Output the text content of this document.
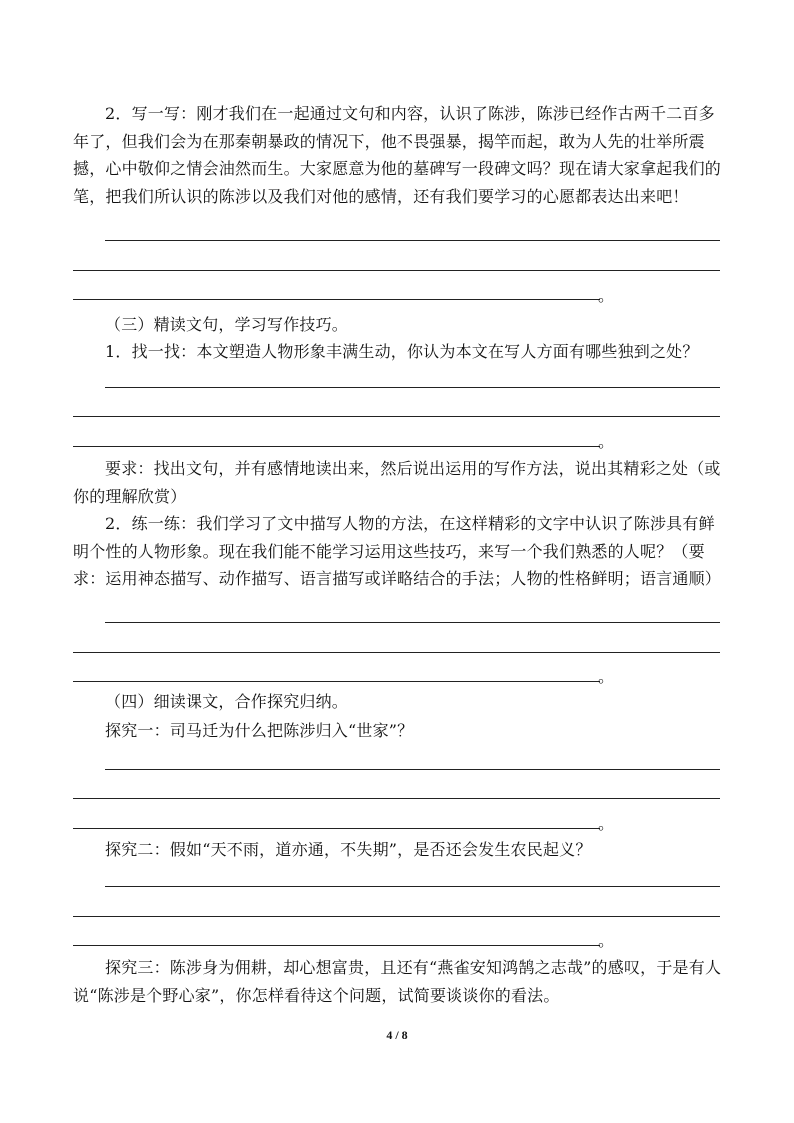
2．写一写：刚才我们在一起通过文句和内容，认识了陈涉，陈涉已经作古两千二百多年了，但我们会为在那秦朝暴政的情况下，他不畏强暴，揭竿而起，敢为人先的壮举所震撼，心中敬仰之情会油然而生。大家愿意为他的墓碑写一段碑文吗？现在请大家拿起我们的笔，把我们所认识的陈涉以及我们对他的感情，还有我们要学习的心愿都表达出来吧！

。

（三）精读文句，学习写作技巧。

1．找一找：本文塑造人物形象丰满生动，你认为本文在写人方面有哪些独到之处？

。

要求：找出文句，并有感情地读出来，然后说出运用的写作方法，说出其精彩之处（或你的理解欣赏）

2．练一练：我们学习了文中描写人物的方法，在这样精彩的文字中认识了陈涉具有鲜明个性的人物形象。现在我们能不能学习运用这些技巧，来写一个我们熟悉的人呢？（要求：运用神态描写、动作描写、语言描写或详略结合的手法；人物的性格鲜明；语言通顺）

。

（四）细读课文，合作探究归纳。

探究一：司马迁为什么把陈涉归入“世家”？

。

探究二：假如“天不雨，道亦通，不失期”，是否还会发生农民起义？

。

探究三：陈涉身为佣耕，却心想富贵，且还有“燕雀安知鸿鹄之志哉”的感叹，于是有人说“陈涉是个野心家”，你怎样看待这个问题，试简要谈谈你的看法。

4 / 8
